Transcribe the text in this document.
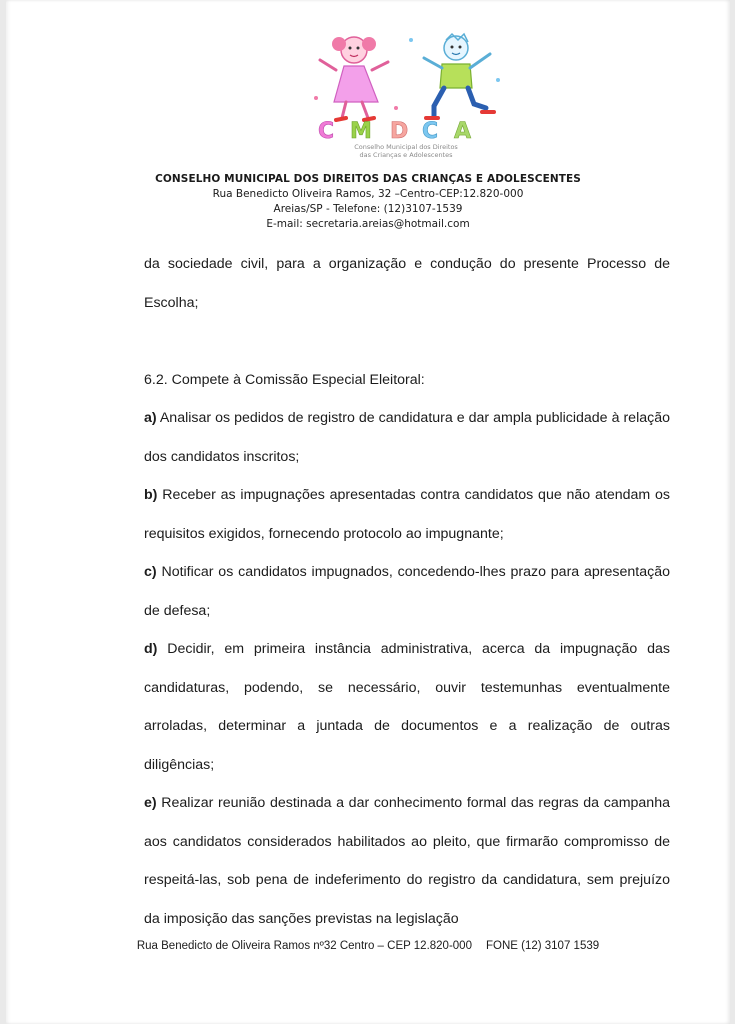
C M D C A
Conselho Municipal dos Direitos
das Crianças e Adolescentes
CONSELHO MUNICIPAL DOS DIREITOS DAS CRIANÇAS E ADOLESCENTES
Rua Benedicto Oliveira Ramos, 32 –Centro-CEP:12.820-000
Areias/SP - Telefone: (12)3107-1539
E-mail: secretaria.areias@hotmail.com

da sociedade civil, para a organização e condução do presente Processo de Escolha;

6.2. Compete à Comissão Especial Eleitoral:

a) Analisar os pedidos de registro de candidatura e dar ampla publicidade à relação dos candidatos inscritos;

b) Receber as impugnações apresentadas contra candidatos que não atendam os requisitos exigidos, fornecendo protocolo ao impugnante;

c) Notificar os candidatos impugnados, concedendo-lhes prazo para apresentação de defesa;

d) Decidir, em primeira instância administrativa, acerca da impugnação das candidaturas, podendo, se necessário, ouvir testemunhas eventualmente arroladas, determinar a juntada de documentos e a realização de outras diligências;

e) Realizar reunião destinada a dar conhecimento formal das regras da campanha aos candidatos considerados habilitados ao pleito, que firmarão compromisso de respeitá-las, sob pena de indeferimento do registro da candidatura, sem prejuízo da imposição das sanções previstas na legislação

Rua Benedicto de Oliveira Ramos nº32 Centro – CEP 12.820-000 FONE (12) 3107 1539
